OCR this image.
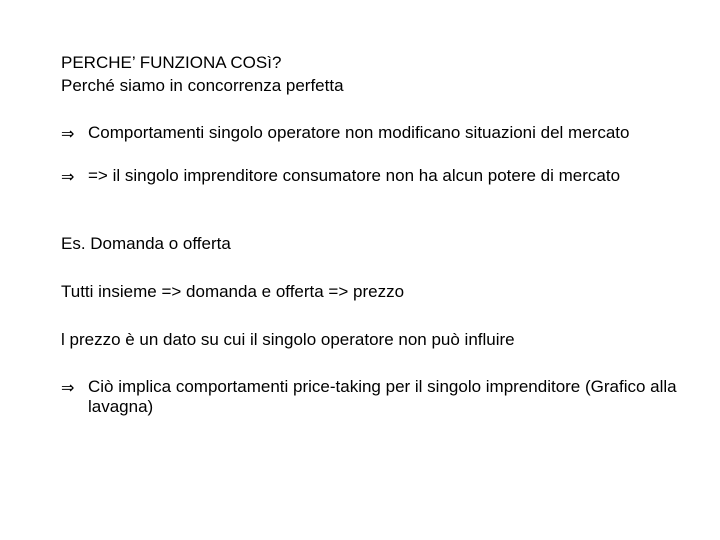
PERCHE’ FUNZIONA COSì?
Perché siamo in concorrenza perfetta
⇒ Comportamenti singolo operatore non modificano situazioni del mercato
⇒ => il singolo imprenditore consumatore non ha alcun potere di mercato
Es. Domanda o offerta
Tutti insieme => domanda e offerta => prezzo
l prezzo è un dato su cui il singolo operatore non può influire
⇒ Ciò implica comportamenti price-taking per il singolo imprenditore (Grafico alla lavagna)
